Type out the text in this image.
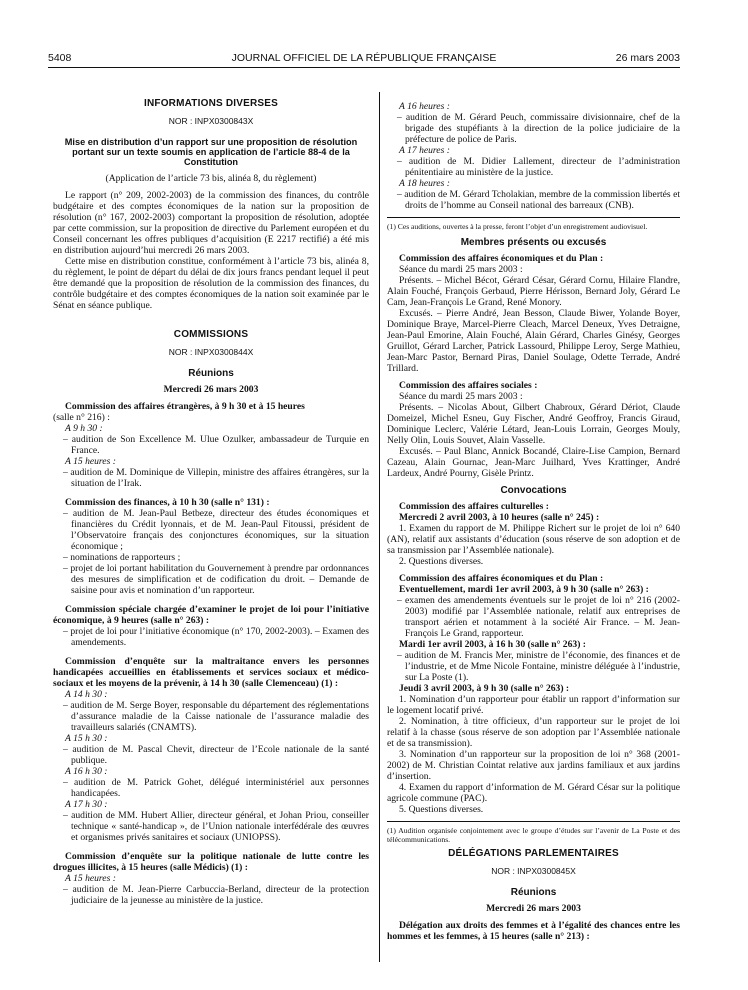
5408	JOURNAL OFFICIEL DE LA RÉPUBLIQUE FRANÇAISE	26 mars 2003
INFORMATIONS DIVERSES
NOR : INPX0300843X
Mise en distribution d’un rapport sur une proposition de résolution portant sur un texte soumis en application de l’article 88-4 de la Constitution
(Application de l’article 73 bis, alinéa 8, du règlement)

Le rapport (n° 209, 2002-2003) de la commission des finances, du contrôle budgétaire et des comptes économiques de la nation sur la proposition de résolution (n° 167, 2002-2003) comportant la proposition de résolution, adoptée par cette commission, sur la proposition de directive du Parlement européen et du Conseil concernant les offres publiques d’acquisition (E 2217 rectifié) a été mis en distribution aujourd’hui mercredi 26 mars 2003.

Cette mise en distribution constitue, conformément à l’article 73 bis, alinéa 8, du règlement, le point de départ du délai de dix jours francs pendant lequel il peut être demandé que la proposition de résolution de la commission des finances, du contrôle budgétaire et des comptes économiques de la nation soit examinée par le Sénat en séance publique.

COMMISSIONS
NOR : INPX0300844X
Réunions
Mercredi 26 mars 2003

Commission des affaires étrangères, à 9 h 30 et à 15 heures

(salle n° 216) :

A 9 h 30 :
– audition de Son Excellence M. Ulue Ozulker, ambassadeur de Turquie en France.
A 15 heures :
– audition de M. Dominique de Villepin, ministre des affaires étrangères, sur la situation de l’Irak.

Commission des finances, à 10 h 30 (salle n° 131) :

– audition de M. Jean-Paul Betbeze, directeur des études économiques et financières du Crédit lyonnais, et de M. Jean-Paul Fitoussi, président de l’Observatoire français des conjonctures économiques, sur la situation économique ;
– nominations de rapporteurs ;
– projet de loi portant habilitation du Gouvernement à prendre par ordonnances des mesures de simplification et de codification du droit. – Demande de saisine pour avis et nomination d’un rapporteur.

Commission spéciale chargée d’examiner le projet de loi pour l’initiative économique, à 9 heures (salle n° 263) :

– projet de loi pour l’initiative économique (n° 170, 2002-2003). – Examen des amendements.

Commission d’enquête sur la maltraitance envers les personnes handicapées accueillies en établissements et services sociaux et médico-sociaux et les moyens de la prévenir, à 14 h 30 (salle Clemenceau) (1) :

A 14 h 30 :
– audition de M. Serge Boyer, responsable du département des réglementations d’assurance maladie de la Caisse nationale de l’assurance maladie des travailleurs salariés (CNAMTS).
A 15 h 30 :
– audition de M. Pascal Chevit, directeur de l’Ecole nationale de la santé publique.
A 16 h 30 :
– audition de M. Patrick Gohet, délégué interministériel aux personnes handicapées.
A 17 h 30 :
– audition de MM. Hubert Allier, directeur général, et Johan Priou, conseiller technique « santé-handicap », de l’Union nationale interfédérale des œuvres et organismes privés sanitaires et sociaux (UNIOPSS).

Commission d’enquête sur la politique nationale de lutte contre les drogues illicites, à 15 heures (salle Médicis) (1) :

A 15 heures :
– audition de M. Jean-Pierre Carbuccia-Berland, directeur de la protection judiciaire de la jeunesse au ministère de la justice.
A 16 heures :
– audition de M. Gérard Peuch, commissaire divisionnaire, chef de la brigade des stupéfiants à la direction de la police judiciaire de la préfecture de police de Paris.
A 17 heures :
– audition de M. Didier Lallement, directeur de l’administration pénitentiaire au ministère de la justice.
A 18 heures :
– audition de M. Gérard Tcholakian, membre de la commission libertés et droits de l’homme au Conseil national des barreaux (CNB).
(1) Ces auditions, ouvertes à la presse, feront l’objet d’un enregistrement audiovisuel.
Membres présents ou excusés

Commission des affaires économiques et du Plan :

Séance du mardi 25 mars 2003 :

Présents. – Michel Bécot, Gérard César, Gérard Cornu, Hilaire Flandre, Alain Fouché, François Gerbaud, Pierre Hérisson, Bernard Joly, Gérard Le Cam, Jean-François Le Grand, René Monory.

Excusés. – Pierre André, Jean Besson, Claude Biwer, Yolande Boyer, Dominique Braye, Marcel-Pierre Cleach, Marcel Deneux, Yves Detraigne, Jean-Paul Emorine, Alain Fouché, Alain Gérard, Charles Ginésy, Georges Gruillot, Gérard Larcher, Patrick Lassourd, Philippe Leroy, Serge Mathieu, Jean-Marc Pastor, Bernard Piras, Daniel Soulage, Odette Terrade, André Trillard.

Commission des affaires sociales :

Séance du mardi 25 mars 2003 :

Présents. – Nicolas About, Gilbert Chabroux, Gérard Dériot, Claude Domeizel, Michel Esneu, Guy Fischer, André Geoffroy, Francis Giraud, Dominique Leclerc, Valérie Létard, Jean-Louis Lorrain, Georges Mouly, Nelly Olin, Louis Souvet, Alain Vasselle.

Excusés. – Paul Blanc, Annick Bocandé, Claire-Lise Campion, Bernard Cazeau, Alain Gournac, Jean-Marc Juilhard, Yves Krattinger, André Lardeux, André Pourny, Gisèle Printz.

Convocations

Commission des affaires culturelles :

Mercredi 2 avril 2003, à 10 heures (salle n° 245) :

1. Examen du rapport de M. Philippe Richert sur le projet de loi n° 640 (AN), relatif aux assistants d’éducation (sous réserve de son adoption et de sa transmission par l’Assemblée nationale).

2. Questions diverses.

Commission des affaires économiques et du Plan :

Eventuellement, mardi 1er avril 2003, à 9 h 30 (salle n° 263) :

– examen des amendements éventuels sur le projet de loi n° 216 (2002-2003) modifié par l’Assemblée nationale, relatif aux entreprises de transport aérien et notamment à la société Air France. – M. Jean-François Le Grand, rapporteur.

Mardi 1er avril 2003, à 16 h 30 (salle n° 263) :

– audition de M. Francis Mer, ministre de l’économie, des finances et de l’industrie, et de Mme Nicole Fontaine, ministre déléguée à l’industrie, sur La Poste (1).

Jeudi 3 avril 2003, à 9 h 30 (salle n° 263) :

1. Nomination d’un rapporteur pour établir un rapport d’information sur le logement locatif privé.

2. Nomination, à titre officieux, d’un rapporteur sur le projet de loi relatif à la chasse (sous réserve de son adoption par l’Assemblée nationale et de sa transmission).

3. Nomination d’un rapporteur sur la proposition de loi n° 368 (2001-2002) de M. Christian Cointat relative aux jardins familiaux et aux jardins d’insertion.

4. Examen du rapport d’information de M. Gérard César sur la politique agricole commune (PAC).

5. Questions diverses.

(1) Audition organisée conjointement avec le groupe d’études sur l’avenir de La Poste et des télécommunications.
DÉLÉGATIONS PARLEMENTAIRES
NOR : INPX0300845X
Réunions
Mercredi 26 mars 2003

Délégation aux droits des femmes et à l’égalité des chances entre les hommes et les femmes, à 15 heures (salle n° 213) :
